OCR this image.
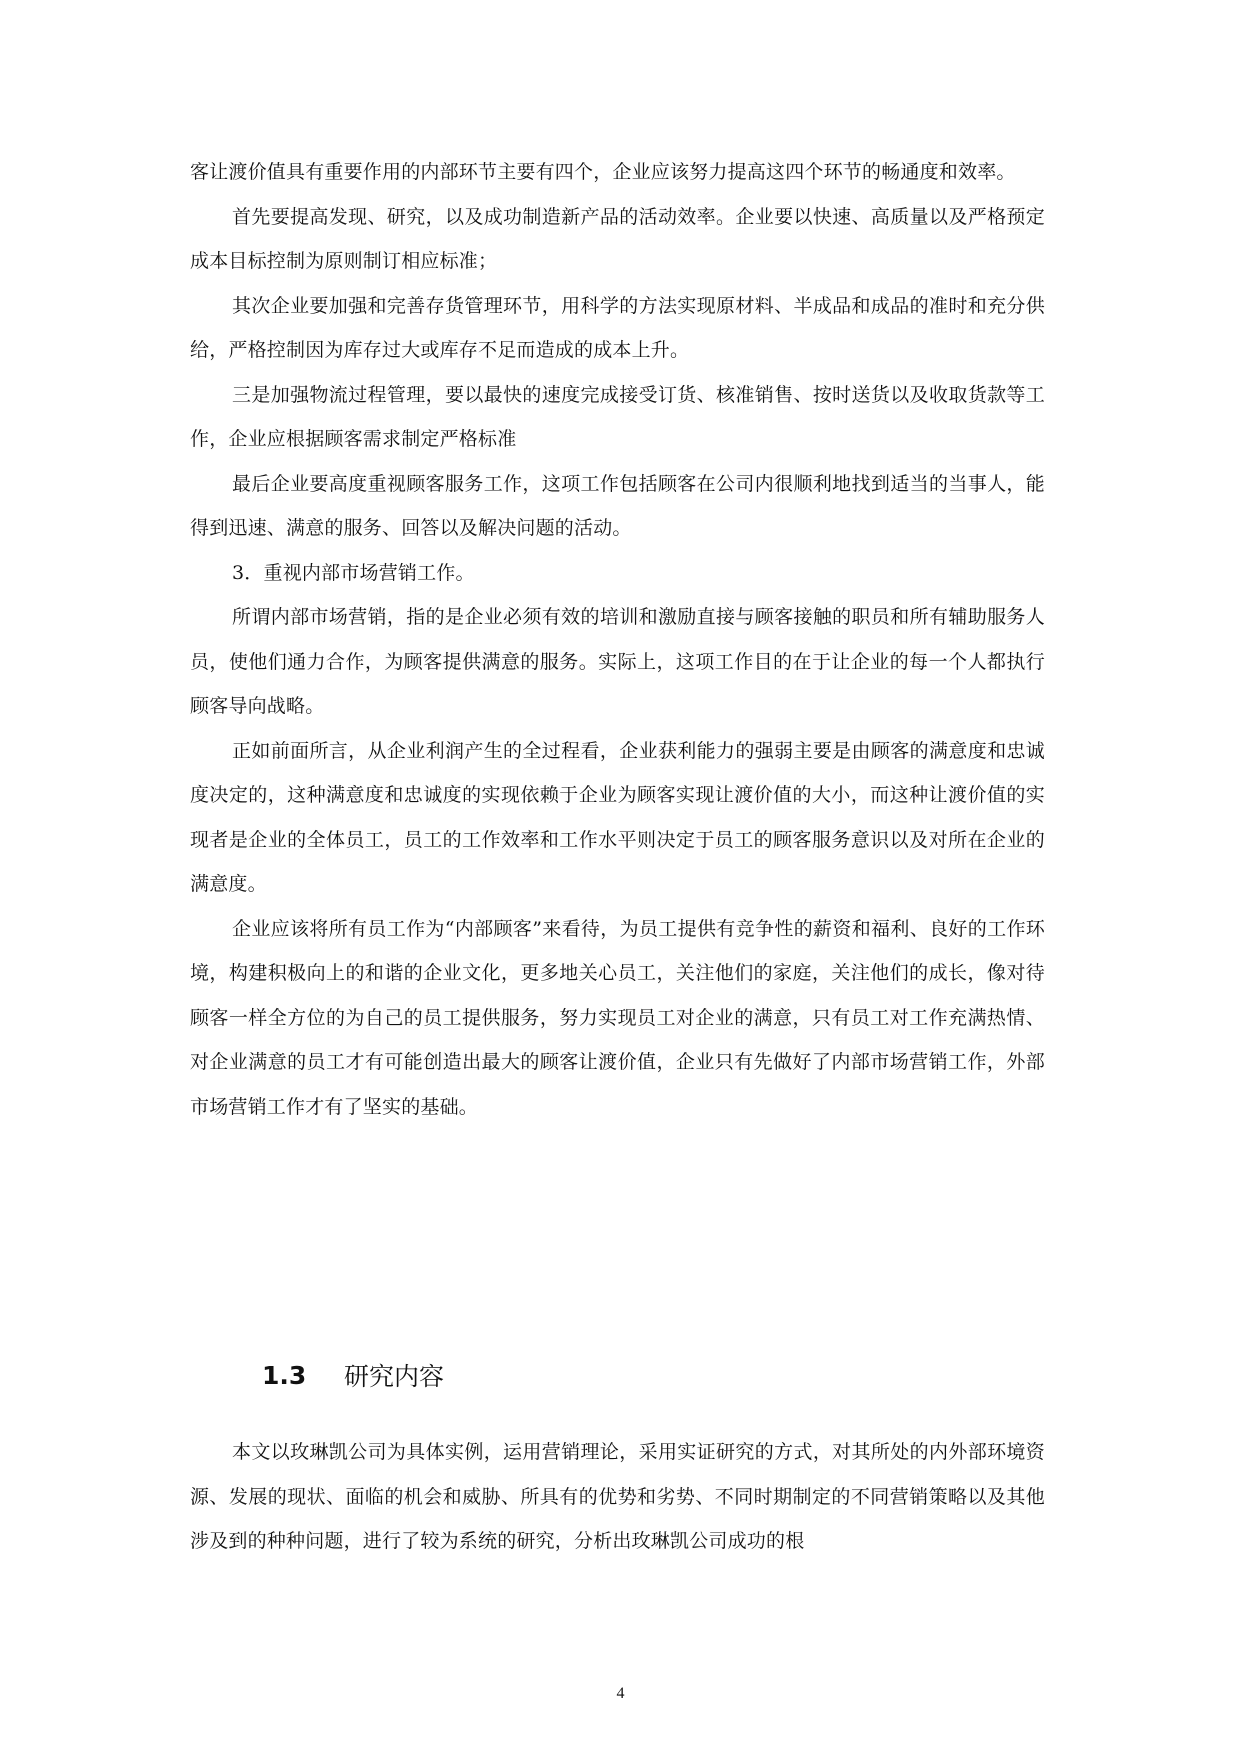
客让渡价值具有重要作用的内部环节主要有四个，企业应该努力提高这四个环节的畅通度和效率。

首先要提高发现、研究，以及成功制造新产品的活动效率。企业要以快速、高质量以及严格预定成本目标控制为原则制订相应标准；

其次企业要加强和完善存货管理环节，用科学的方法实现原材料、半成品和成品的准时和充分供给，严格控制因为库存过大或库存不足而造成的成本上升。

三是加强物流过程管理，要以最快的速度完成接受订货、核准销售、按时送货以及收取货款等工作，企业应根据顾客需求制定严格标准

最后企业要高度重视顾客服务工作，这项工作包括顾客在公司内很顺利地找到适当的当事人，能得到迅速、满意的服务、回答以及解决问题的活动。

3．重视内部市场营销工作。

所谓内部市场营销，指的是企业必须有效的培训和激励直接与顾客接触的职员和所有辅助服务人员，使他们通力合作，为顾客提供满意的服务。实际上，这项工作目的在于让企业的每一个人都执行顾客导向战略。

正如前面所言，从企业利润产生的全过程看，企业获利能力的强弱主要是由顾客的满意度和忠诚度决定的，这种满意度和忠诚度的实现依赖于企业为顾客实现让渡价值的大小，而这种让渡价值的实现者是企业的全体员工，员工的工作效率和工作水平则决定于员工的顾客服务意识以及对所在企业的满意度。

企业应该将所有员工作为“内部顾客”来看待，为员工提供有竞争性的薪资和福利、良好的工作环境，构建积极向上的和谐的企业文化，更多地关心员工，关注他们的家庭，关注他们的成长，像对待顾客一样全方位的为自己的员工提供服务，努力实现员工对企业的满意，只有员工对工作充满热情、对企业满意的员工才有可能创造出最大的顾客让渡价值，企业只有先做好了内部市场营销工作，外部市场营销工作才有了坚实的基础。

1.3	研究内容

本文以玫琳凯公司为具体实例，运用营销理论，采用实证研究的方式，对其所处的内外部环境资源、发展的现状、面临的机会和威胁、所具有的优势和劣势、不同时期制定的不同营销策略以及其他涉及到的种种问题，进行了较为系统的研究，分析出玫琳凯公司成功的根

4
